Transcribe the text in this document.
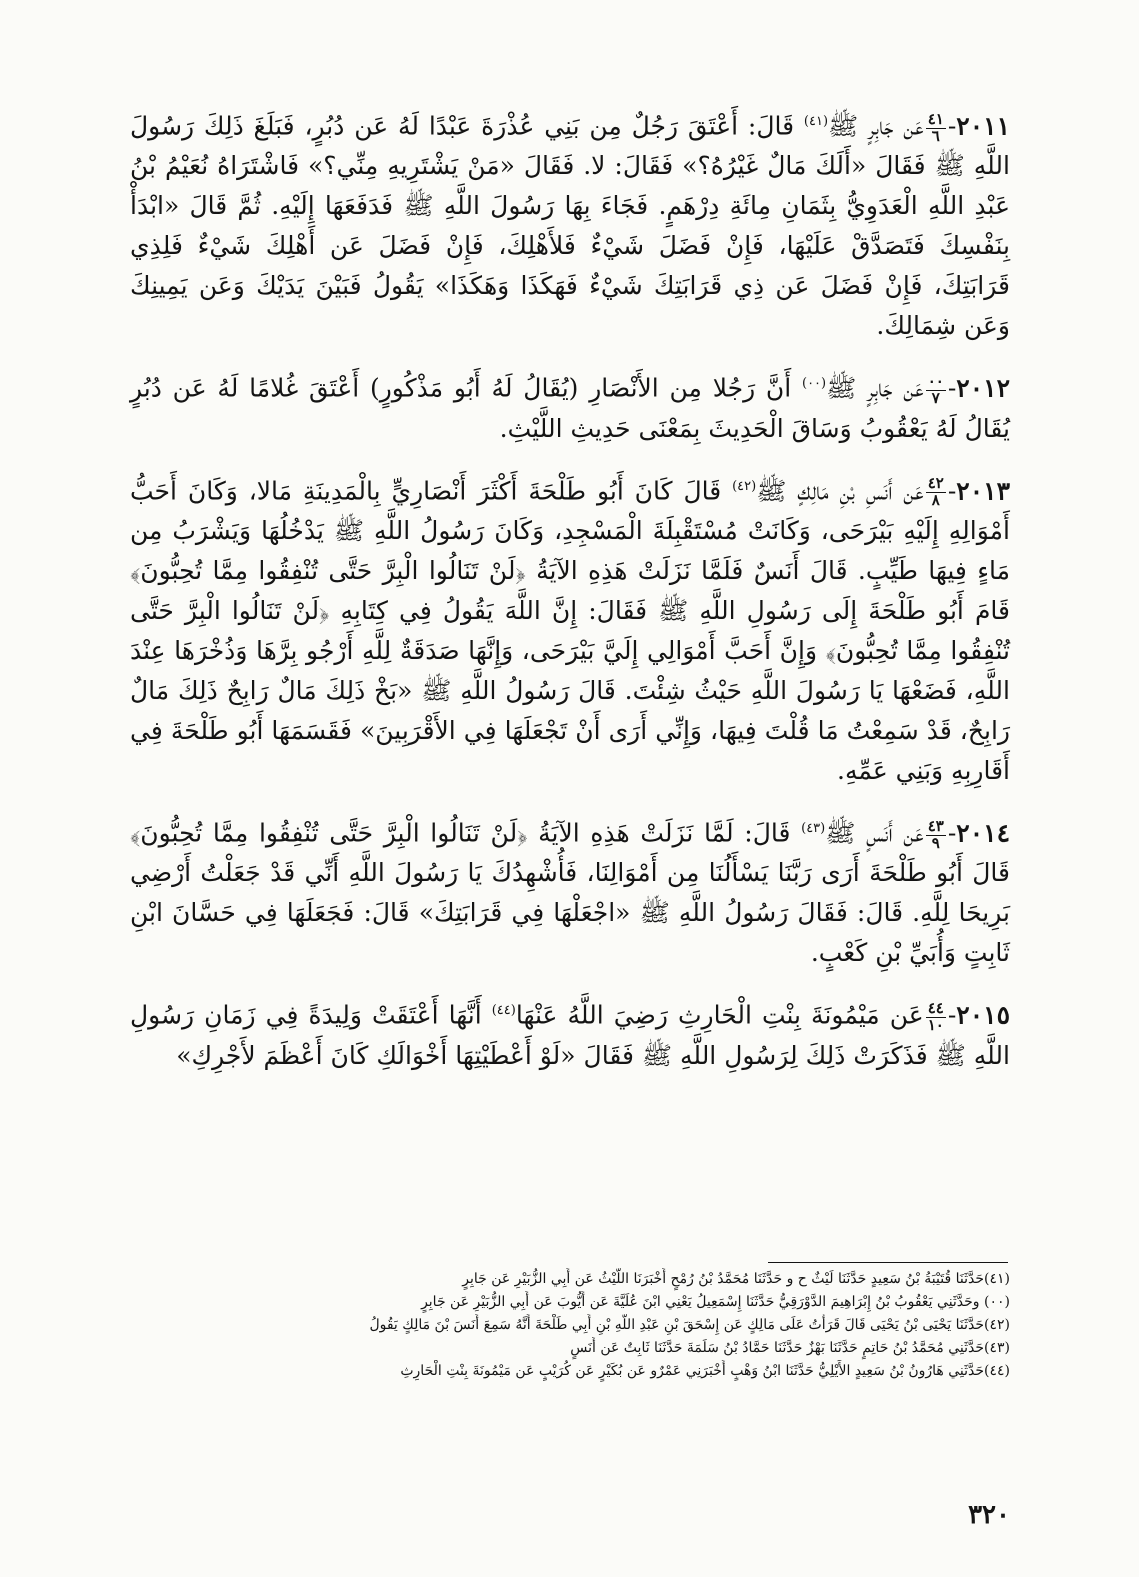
٢٠١١-
٤١
٦
عَن جَابِرٍ ﷺ$^{(٤١)}$ قَالَ: أَعْتَقَ رَجُلٌ مِن بَنِي عُذْرَةَ عَبْدًا لَهُ عَن دُبُرٍ، فَبَلَغَ ذَلِكَ رَسُولَ اللَّهِ ﷺ فَقَالَ «أَلَكَ مَالٌ غَيْرُهُ؟» فَقَالَ: لا. فَقَالَ «مَنْ يَشْتَرِيهِ مِنِّي؟» فَاشْتَرَاهُ نُعَيْمُ بْنُ عَبْدِ اللَّهِ الْعَدَوِيُّ بِثَمَانِ مِائَةِ دِرْهَمٍ. فَجَاءَ بِهَا رَسُولَ اللَّهِ ﷺ فَدَفَعَهَا إِلَيْهِ. ثُمَّ قَالَ «ابْدَأْ بِنَفْسِكَ فَتَصَدَّقْ عَلَيْهَا، فَإِنْ فَضَلَ شَيْءٌ فَلأَهْلِكَ، فَإِنْ فَضَلَ عَن أَهْلِكَ شَيْءٌ فَلِذِي قَرَابَتِكَ، فَإِنْ فَضَلَ عَن ذِي قَرَابَتِكَ شَيْءٌ فَهَكَذَا وَهَكَذَا» يَقُولُ فَبَيْنَ يَدَيْكَ وَعَن يَمِينِكَ وَعَن شِمَالِكَ.

٢٠١٢-
٠٠
٧
عَن جَابِرٍ ﷺ$^{(٠٠)}$ أَنَّ رَجُلا مِن الأَنْصَارِ (يُقَالُ لَهُ أَبُو مَذْكُورٍ) أَعْتَقَ غُلامًا لَهُ عَن دُبُرٍ يُقَالُ لَهُ يَعْقُوبُ وَسَاقَ الْحَدِيثَ بِمَعْنَى حَدِيثِ اللَّيْثِ.

٢٠١٣-
٤٢
٨
عَن أَنَسِ بْنِ مَالِكٍ ﷺ$^{(٤٢)}$ قَالَ كَانَ أَبُو طَلْحَةَ أَكْثَرَ أَنْصَارِيٍّ بِالْمَدِينَةِ مَالا، وَكَانَ أَحَبُّ أَمْوَالِهِ إِلَيْهِ بَيْرَحَى، وَكَانَتْ مُسْتَقْبِلَةَ الْمَسْجِدِ، وَكَانَ رَسُولُ اللَّهِ ﷺ يَدْخُلُهَا وَيَشْرَبُ مِن مَاءٍ فِيهَا طَيِّبٍ. قَالَ أَنَسٌ فَلَمَّا نَزَلَتْ هَذِهِ الآيَةُ ﴿لَنْ تَنَالُوا الْبِرَّ حَتَّى تُنْفِقُوا مِمَّا تُحِبُّونَ﴾ قَامَ أَبُو طَلْحَةَ إِلَى رَسُولِ اللَّهِ ﷺ فَقَالَ: إِنَّ اللَّهَ يَقُولُ فِي كِتَابِهِ ﴿لَنْ تَنَالُوا الْبِرَّ حَتَّى تُنْفِقُوا مِمَّا تُحِبُّونَ﴾ وَإِنَّ أَحَبَّ أَمْوَالِي إِلَيَّ بَيْرَحَى، وَإِنَّهَا صَدَقَةٌ لِلَّهِ أَرْجُو بِرَّهَا وَذُخْرَهَا عِنْدَ اللَّهِ، فَضَعْهَا يَا رَسُولَ اللَّهِ حَيْثُ شِئْتَ. قَالَ رَسُولُ اللَّهِ ﷺ «بَخْ ذَلِكَ مَالٌ رَابِحٌ ذَلِكَ مَالٌ رَابِحٌ، قَدْ سَمِعْتُ مَا قُلْتَ فِيهَا، وَإِنِّي أَرَى أَنْ تَجْعَلَهَا فِي الأَقْرَبِينَ» فَقَسَمَهَا أَبُو طَلْحَةَ فِي أَقَارِبِهِ وَبَنِي عَمِّهِ.

٢٠١٤-
٤٣
٩
عَن أَنَسٍ ﷺ$^{(٤٣)}$ قَالَ: لَمَّا نَزَلَتْ هَذِهِ الآيَةُ ﴿لَنْ تَنَالُوا الْبِرَّ حَتَّى تُنْفِقُوا مِمَّا تُحِبُّونَ﴾ قَالَ أَبُو طَلْحَةَ أَرَى رَبَّنَا يَسْأَلُنَا مِن أَمْوَالِنَا، فَأُشْهِدُكَ يَا رَسُولَ اللَّهِ أَنِّي قَدْ جَعَلْتُ أَرْضِي بَرِيحَا لِلَّهِ. قَالَ: فَقَالَ رَسُولُ اللَّهِ ﷺ «اجْعَلْهَا فِي قَرَابَتِكَ» قَالَ: فَجَعَلَهَا فِي حَسَّانَ ابْنِ ثَابِتٍ وَأُبَيِّ بْنِ كَعْبٍ.

٢٠١٥-
٤٤
١٠
عَن مَيْمُونَةَ بِنْتِ الْحَارِثِ رَضِيَ اللَّهُ عَنْهَا$^{(٤٤)}$ أَنَّهَا أَعْتَقَتْ وَلِيدَةً فِي زَمَانِ رَسُولِ اللَّهِ ﷺ فَذَكَرَتْ ذَلِكَ لِرَسُولِ اللَّهِ ﷺ فَقَالَ «لَوْ أَعْطَيْتِهَا أَخْوَالَكِ كَانَ أَعْظَمَ لأَجْرِكِ»

(٤١)حَدَّثَنَا قُتَيْبَةُ بْنُ سَعِيدٍ حَدَّثَنَا لَيْثٌ ح و حَدَّثَنَا مُحَمَّدُ بْنُ رُمْحٍ أَخْبَرَنَا اللَّيْثُ عَن أَبِي الزُّبَيْرِ عَن جَابِرٍ
(٠٠) وحَدَّثَنِي يَعْقُوبُ بْنُ إِبْرَاهِيمَ الدَّوْرَقِيُّ حَدَّثَنَا إِسْمَعِيلُ يَعْنِي ابْنَ عُلَيَّةَ عَن أَيُّوبَ عَن أَبِي الزُّبَيْرِ عَن جَابِرٍ
(٤٢)حَدَّثَنَا يَحْيَى بْنُ يَحْيَى قَالَ قَرَأْتُ عَلَى مَالِكٍ عَن إِسْحَقَ بْنِ عَبْدِ اللَّهِ بْنِ أَبِي طَلْحَةَ أَنَّهُ سَمِعَ أَنَسَ بْنَ مَالِكٍ يَقُولُ
(٤٣)حَدَّثَنِي مُحَمَّدُ بْنُ حَاتِمٍ حَدَّثَنَا بَهْزٌ حَدَّثَنَا حَمَّادُ بْنُ سَلَمَةَ حَدَّثَنَا ثَابِتٌ عَن أَنَسٍ
(٤٤)حَدَّثَنِي هَارُونُ بْنُ سَعِيدٍ الأَيْلِيُّ حَدَّثَنَا ابْنُ وَهْبٍ أَخْبَرَنِي عَمْرٌو عَن بُكَيْرٍ عَن كُرَيْبٍ عَن مَيْمُونَةَ بِنْتِ الْحَارِثِ
٣٢٠
